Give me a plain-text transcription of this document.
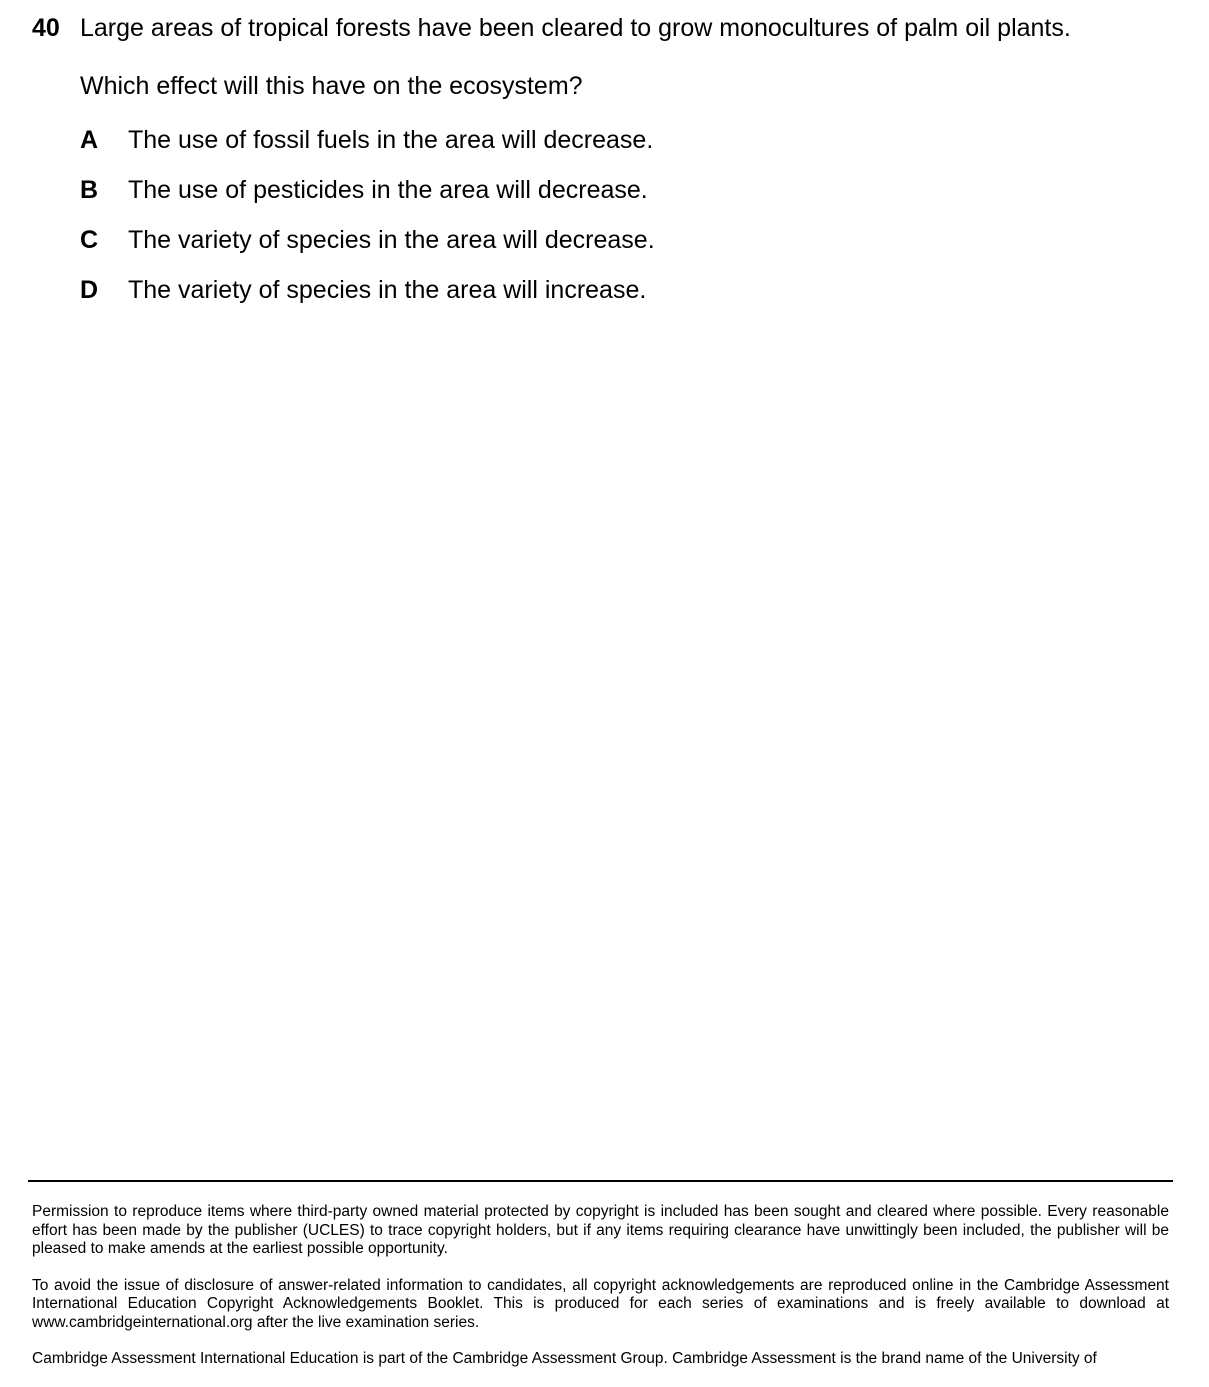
40 Large areas of tropical forests have been cleared to grow monocultures of palm oil plants.
Which effect will this have on the ecosystem?
A	The use of fossil fuels in the area will decrease.
B	The use of pesticides in the area will decrease.
C	The variety of species in the area will decrease.
D	The variety of species in the area will increase.

Permission to reproduce items where third-party owned material protected by copyright is included has been sought and cleared where possible. Every reasonable effort has been made by the publisher (UCLES) to trace copyright holders, but if any items requiring clearance have unwittingly been included, the publisher will be pleased to make amends at the earliest possible opportunity.

To avoid the issue of disclosure of answer-related information to candidates, all copyright acknowledgements are reproduced online in the Cambridge Assessment International Education Copyright Acknowledgements Booklet. This is produced for each series of examinations and is freely available to download at www.cambridgeinternational.org after the live examination series.

Cambridge Assessment International Education is part of the Cambridge Assessment Group. Cambridge Assessment is the brand name of the University of
